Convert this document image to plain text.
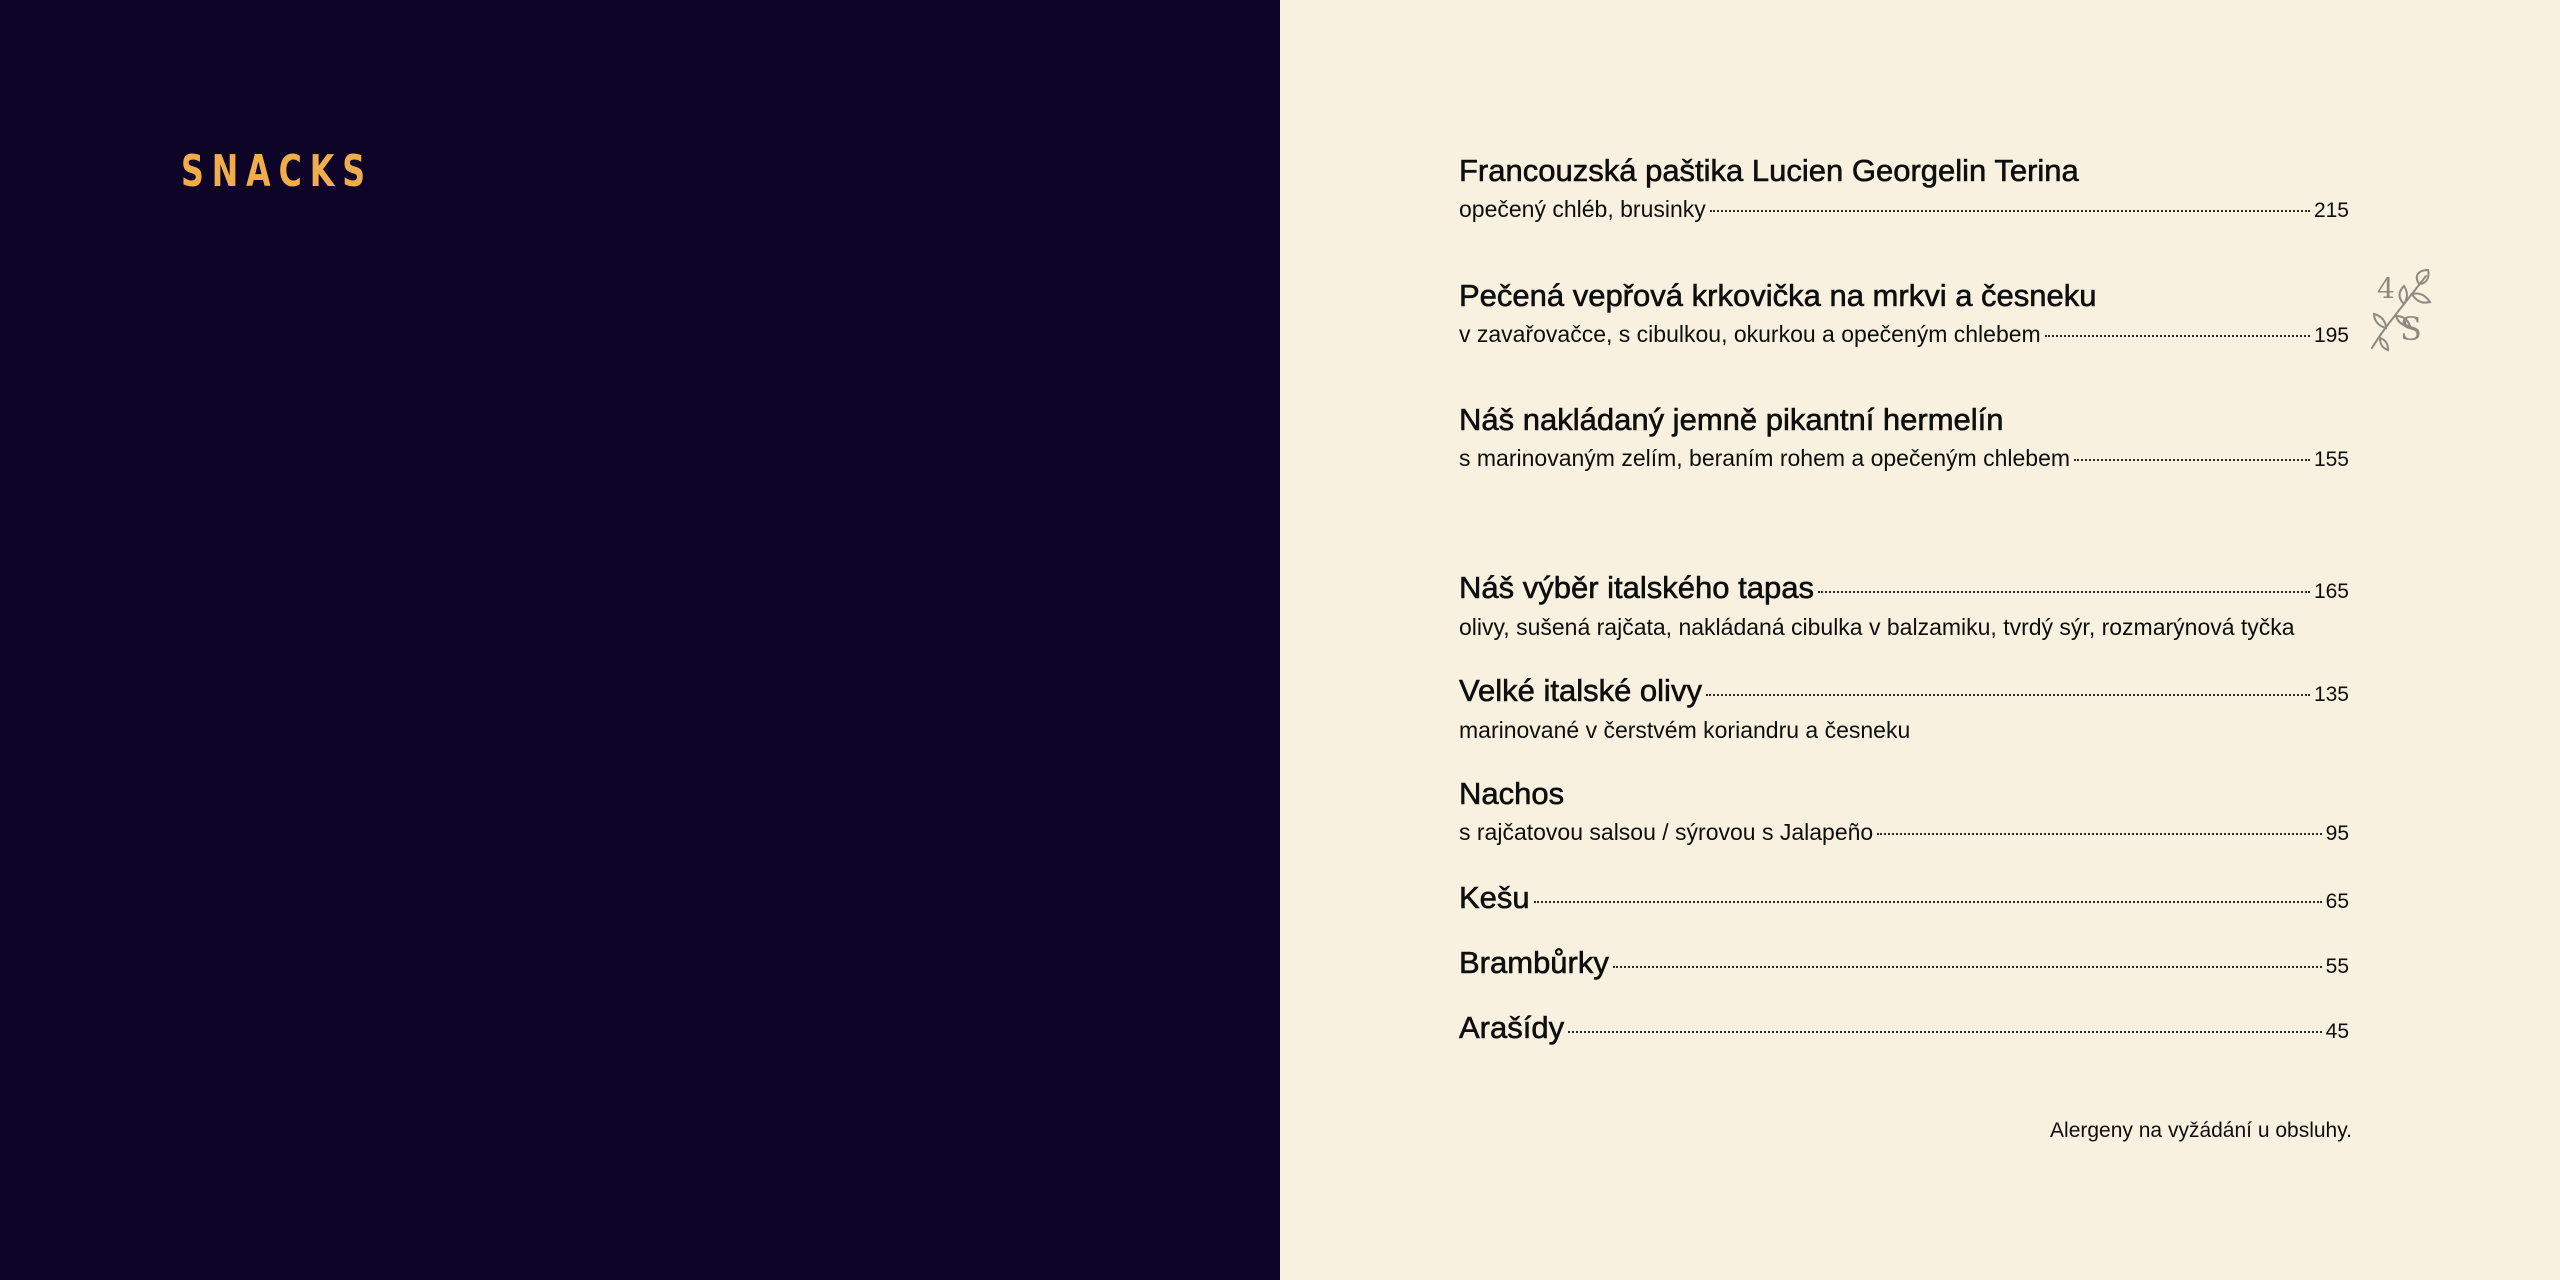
SNACKS	Francouzská paštika Lucien Georgelin Terina
opečený chléb, brusinky	215
Pečená vepřová krkovička na mrkvi a česneku
v zavařovačce, s cibulkou, okurkou a opečeným chlebem	195
Náš nakládaný jemně pikantní hermelín
s marinovaným zelím, beraním rohem a opečeným chlebem	155
Náš výběr italského tapas	165
olivy, sušená rajčata, nakládaná cibulka v balzamiku, tvrdý sýr, rozmarýnová tyčka
Velké italské olivy	135
marinované v čerstvém koriandru a česneku
Nachos
s rajčatovou salsou / sýrovou s Jalapeño	95
Kešu	65
Brambůrky	55
Arašídy	45
Alergeny na vyžádání u obsluhy.
4
S
